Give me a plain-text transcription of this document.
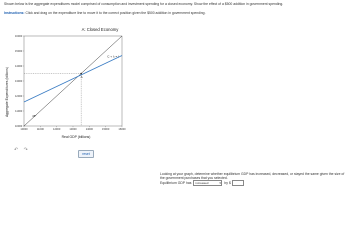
Shown below is the aggregate expenditures model comprised of consumption and investment spending for a closed economy. Show the effect of a $500 addition in government spending.
Instructions: Click and drag on the expenditure line to move it to the correct position given the $500 addition in government spending.
A: Closed Economy
Aggregate Expenditures (billions)
Real GDP (billions)
10000
10000
11000
11000
12000
12000
13000
13000
14000
14000
15000
15000
16000
16000
A
C + Iₓ = I
45°
↶ ↷
reset
Looking at your graph, determine whether equilibrium GDP has increased, decreased, or stayed the same given the size of the government purchases that you selected.
Equilibrium GDP has	increased	▾ by $
